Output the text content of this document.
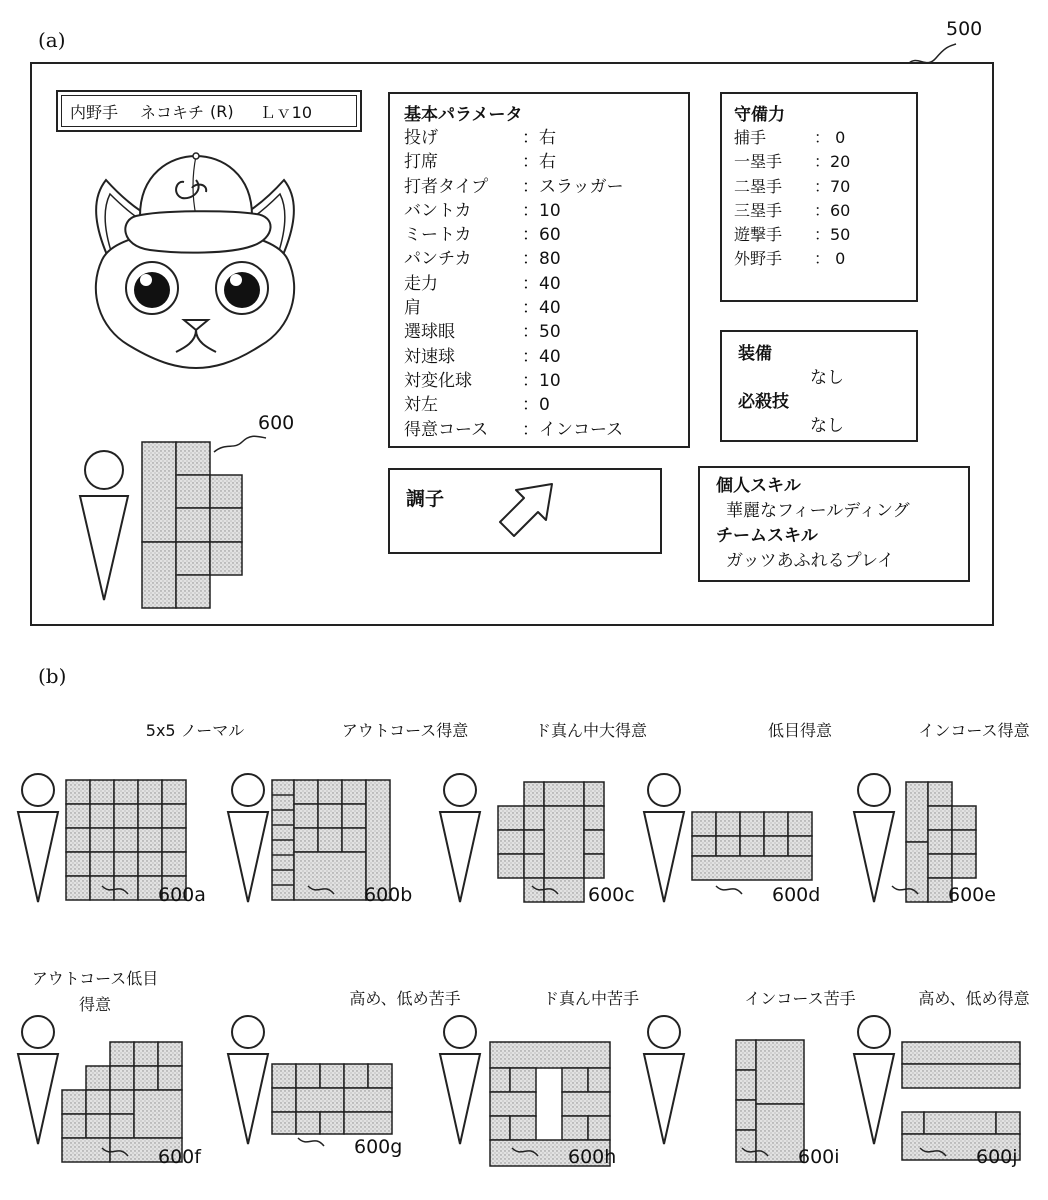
(a)	500
内野手 ネコキチ (R) Ｌｖ10
600
基本パラメータ
投げ	：右
打席	：右
打者タイプ	：スラッガー
バントカ	：10
ミートカ	：60
パンチカ	：80
走力	：40
肩	：40
選球眼	：50
対速球	：40
対変化球	：10
対左	：0
得意コース	：インコース
守備力
捕手	： 0
一塁手	：20
二塁手	：70
三塁手	：60
遊撃手	：50
外野手	： 0
装備
なし
必殺技
なし
調子
個人スキル
華麗なフィールディング
チームスキル
ガッツあふれるプレイ
(b)
5x5 ノーマル
600a
アウトコース得意
600b
ド真ん中大得意
600c
低目得意
600d
インコース得意
600e
アウトコース低目
得意
600f
高め、低め苦手
600g
ド真ん中苦手
600h
インコース苦手
600i
高め、低め得意
600j
